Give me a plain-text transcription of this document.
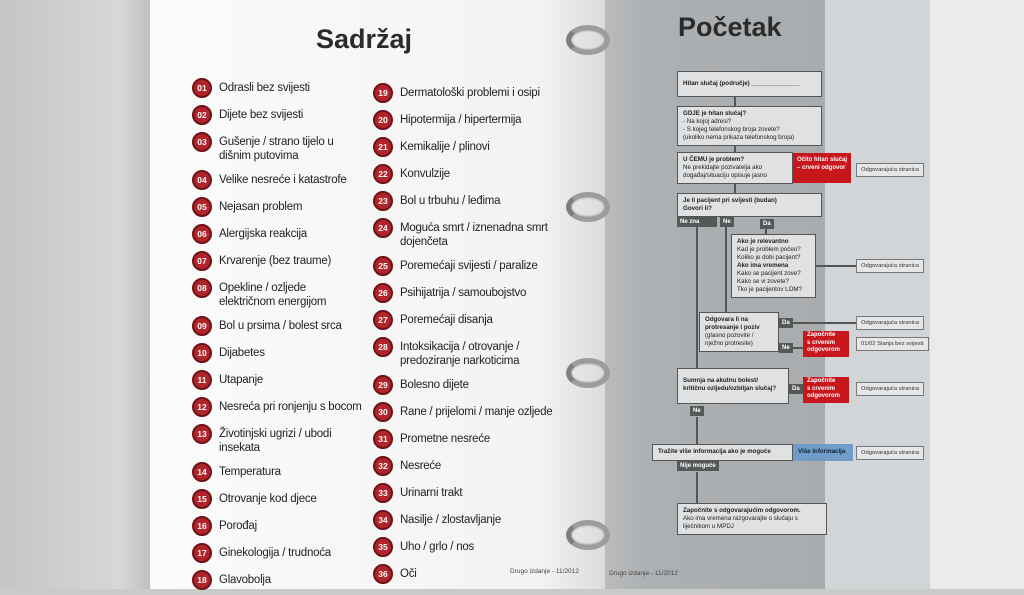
Sadržaj
01	Odrasli bez svijesti
02	Dijete bez svijesti
03	Gušenje / strano tijelo u
dišnim putovima
04	Velike nesreće i katastrofe
05	Nejasan problem
06	Alergijska reakcija
07	Krvarenje (bez traume)
08	Opekline / ozljede
električnom energijom
09	Bol u prsima / bolest srca
10	Dijabetes
11	Utapanje
12	Nesreća pri ronjenju s bocom
13	Životinjski ugrizi / ubodi
insekata
14	Temperatura
15	Otrovanje kod djece
16	Porođaj
17	Ginekologija / trudnoća
18	Glavobolja
19	Dermatološki problemi i osipi
20	Hipotermija / hipertermija
21	Kemikalije / plinovi
22	Konvulzije
23	Bol u trbuhu / leđima
24	Moguća smrt / iznenadna smrt
dojenčeta
25	Poremećaji svijesti / paralize
26	Psihijatrija / samoubojstvo
27	Poremećaji disanja
28	Intoksikacija / otrovanje /
predoziranje narkoticima
29	Bolesno dijete
30	Rane / prijelomi / manje ozljede
31	Prometne nesreće
32	Nesreće
33	Urinarni trakt
34	Nasilje / zlostavljanje
35	Uho / grlo / nos
36	Oči	Drugo izdanje - 11/2012
Početak
Drugo izdanje - 11/2012
Hitan slučaj (područje) ______________
GDJE je hitan slučaj?
- Na kojoj adresi?
- S kojeg telefonskog broja zovete?
(ukoliko nema prikaza telefonskog broja)
U ČEMU je problem?
Ne prekidajte pozivatelja ako
događaj/situaciju opisuje jasno
Očito hitan slučaj
– crveni odgovor	Odgovarajuća stranica
Je li pacijent pri svijesti (budan)
Govori li?
Ne zna	Ne	Da
Ako je relevantno
Kad je problem počeo?
Koliko je dobi pacijent?
Ako ima vremena
Kako se pacijent zove?
Kako se vi zovete?
Tko je pacijentov LOM?
Odgovarajuća stranica
Odgovara li na
protresanje i poziv
(glasno pozovite /
nježno protresite)
Da	Odgovarajuća stranica
Ne
Započnite
s crvenim
odgovorom
01/02 Stanja bez svijesti
Sumnja na akutnu bolest/
kritičnu ozljedu/ozbiljan slučaj?	Da
Započnite
s crvenim
odgovorom
Odgovarajuća stranica
Ne
Tražite više informacija ako je moguće	Više informacija	Odgovarajuća stranica
Nije moguće
Započnite s odgovarajućim odgovorom.
Ako ima vremena razgovarajte o slučaju s
liječnikom u MPDJ
